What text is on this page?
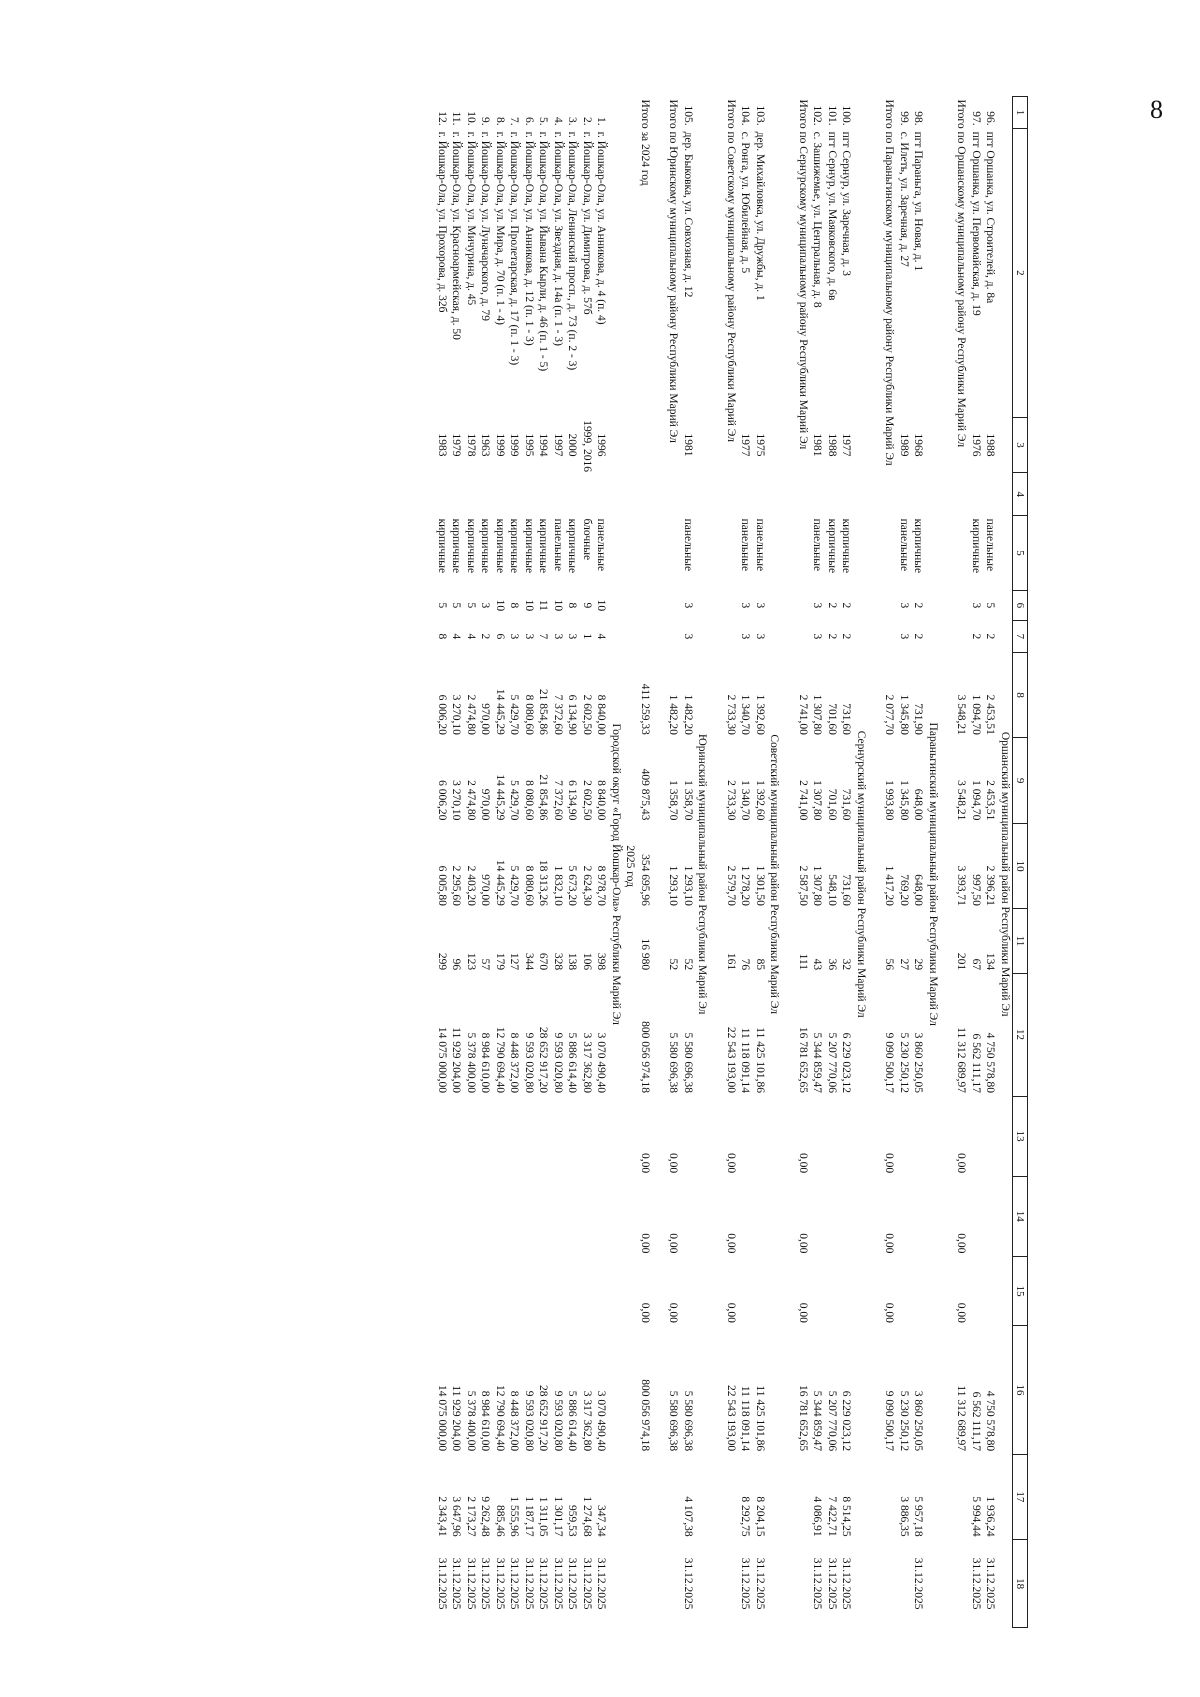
8
1	2	3	4	5	6	7	8	9	10	11	12	13	14	15	16	17	18
							Оршанский муниципальный район Республики Марий Эл										
96.	пгт Оршанка, ул. Строителей, д. 8а	1988		панельные	5	2	2 453,51	2 453,51	2 396,21	134	4 750 578,80				4 750 578,80	1 936,24	31.12.2025
97.	пгт Оршанка, ул. Первомайская, д. 19	1976		кирпичные	3	2	1 094,70	1 094,70	997,50	67	6 562 111,17				6 562 111,17	5 994,44	31.12.2025
Итого по Оршанскому муниципальному району Республики Марий Эл							3 548,21	3 548,21	3 393,71	201	11 312 689,97	0,00	0,00	0,00	11 312 689,97		

							Параньгинский муниципальный район Республики Марий Эл										
98.	пгт Параньга, ул. Новая, д. 1	1968		кирпичные	2	2	731,90	648,00	648,00	29	3 860 250,05				3 860 250,05	5 957,18	31.12.2025
99.	с. Илеть, ул. Заречная, д. 27	1989		панельные	3	3	1 345,80	1 345,80	769,20	27	5 230 250,12				5 230 250,12	3 886,35	
Итого по Параньгинскому муниципальному району Республики Марий Эл							2 077,70	1 993,80	1 417,20	56	9 090 500,17	0,00	0,00	0,00	9 090 500,17		

							Сернурский муниципальный район Республики Марий Эл										
100.	пгт Сернур, ул. Заречная, д. 3	1977		кирпичные	2	2	731,60	731,60	731,60	32	6 229 023,12				6 229 023,12	8 514,25	31.12.2025
101.	пгт Сернур, ул. Маяковского, д. 6в	1988		кирпичные	2	2	701,60	701,60	548,10	36	5 207 770,06				5 207 770,06	7 422,71	31.12.2025
102.	с. Зашижемье, ул. Центральная, д. 8	1981		панельные	3	3	1 307,80	1 307,80	1 307,80	43	5 344 859,47				5 344 859,47	4 086,91	31.12.2025
Итого по Сернурскому муниципальному району Республики Марий Эл							2 741,00	2 741,00	2 587,50	111	16 781 652,65	0,00	0,00	0,00	16 781 652,65		

							Советский муниципальный район Республики Марий Эл										
103.	дер. Михайловка, ул. Дружбы, д. 1	1975		панельные	3	3	1 392,60	1 392,60	1 301,50	85	11 425 101,86				11 425 101,86	8 204,15	31.12.2025
104.	с. Ронга, ул. Юбилейная, д. 5	1977		панельные	3	3	1 340,70	1 340,70	1 278,20	76	11 118 091,14				11 118 091,14	8 292,75	31.12.2025
Итого по Советскому муниципальному району Республики Марий Эл							2 733,30	2 733,30	2 579,70	161	22 543 193,00	0,00	0,00	0,00	22 543 193,00		

							Юринский муниципальный район Республики Марий Эл										
105.	дер. Быковка, ул. Совхозная, д. 12	1981		панельные	3	3	1 482,20	1 358,70	1 293,10	52	5 580 696,38				5 580 696,38	4 107,38	31.12.2025
Итого по Юринскому муниципальному району Республики Марий Эл							1 482,20	1 358,70	1 293,10	52	5 580 696,38	0,00	0,00	0,00	5 580 696,38		

Итого за 2024 год							411 259,33	409 875,43	354 695,96	16 980	800 056 974,18	0,00	0,00	0,00	800 056 974,18		
									2025 год								
							Городской округ «Город Йошкар-Ола» Республики Марий Эл										
1.	г. Йошкар-Ола, ул. Анникова, д. 4 (п. 4)	1996		панельные	10	4	8 840,00	8 840,00	8 978,70	398	3 070 490,40				3 070 490,40	347,34	31.12.2025
2.	г. Йошкар-Ола, ул. Димитрова, д. 57б	1999, 2016		блочные	9	1	2 602,50	2 602,50	2 624,30	106	3 317 362,80				3 317 362,80	1 274,68	31.12.2025
3.	г. Йошкар-Ола, Ленинский просп., д. 73 (п. 2 - 3)	2000		кирпичные	8	3	6 134,90	6 134,90	5 673,20	138	5 886 614,40				5 886 614,40	959,53	31.12.2025
4.	г. Йошкар-Ола, ул. Звездная, д. 14а (п. 1 - 3)	1997		панельные	10	3	7 372,60	7 372,60	1 832,10	328	9 593 020,80				9 593 020,80	1 301,17	31.12.2025
5.	г. Йошкар-Ола, ул. Йывана Кырли, д. 46 (п. 1 - 5)	1994		кирпичные	11	7	21 854,86	21 854,86	18 313,26	670	28 652 917,20				28 652 917,20	1 311,05	31.12.2025
6.	г. Йошкар-Ола, ул. Анникова, д. 12 (п. 1 - 3)	1995		кирпичные	10	3	8 080,60	8 080,60	8 080,60	344	9 593 020,80				9 593 020,80	1 187,17	31.12.2025
7.	г. Йошкар-Ола, ул. Пролетарская, д. 17 (п. 1 - 3)	1999		кирпичные	8	3	5 429,70	5 429,70	5 429,70	127	8 448 372,00				8 448 372,00	1 555,96	31.12.2025
8.	г. Йошкар-Ола, ул. Мира, д. 70 (п. 1 - 4)	1999		кирпичные	10	6	14 445,29	14 445,29	14 445,29	179	12 790 694,40				12 790 694,40	885,46	31.12.2025
9.	г. Йошкар-Ола, ул. Луначарского, д. 79	1963		кирпичные	3	2	970,00	970,00	970,00	57	8 984 610,00				8 984 610,00	9 262,48	31.12.2025
10.	г. Йошкар-Ола, ул. Мичурина, д. 45	1978		кирпичные	5	4	2 474,80	2 474,80	2 403,20	123	5 378 400,00				5 378 400,00	2 173,27	31.12.2025
11.	г. Йошкар-Ола, ул. Красноармейская, д. 50	1979		кирпичные	5	4	3 270,10	3 270,10	2 295,60	96	11 929 204,00				11 929 204,00	3 647,96	31.12.2025
12.	г. Йошкар-Ола, ул. Прохорова, д. 32б	1983		кирпичные	5	8	6 006,20	6 006,20	6 005,80	299	14 075 000,00				14 075 000,00	2 343,41	31.12.2025
